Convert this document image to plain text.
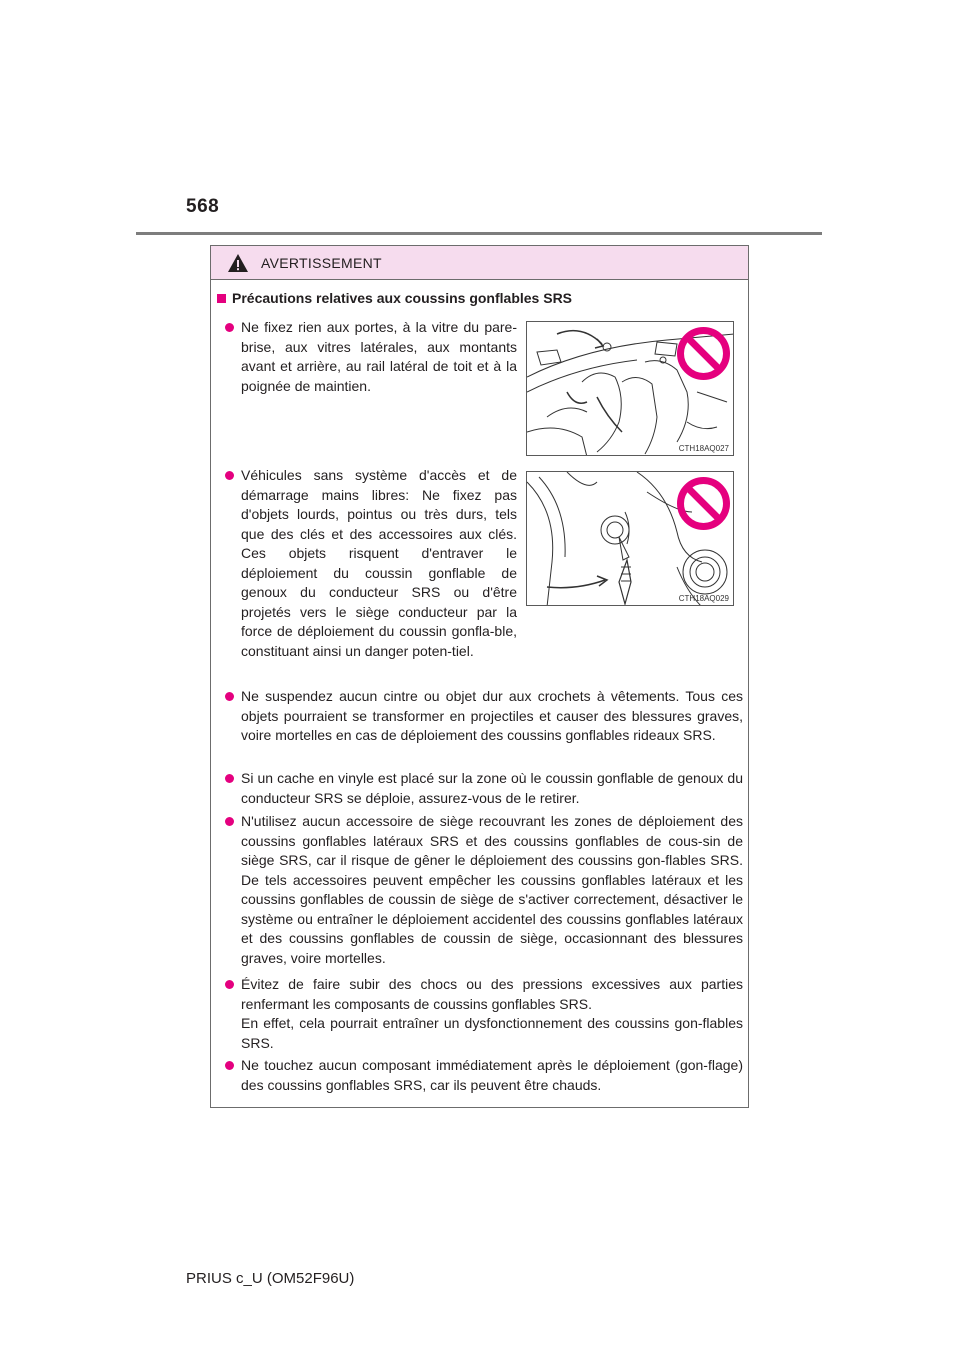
568
AVERTISSEMENT
Précautions relatives aux coussins gonflables SRS

Ne fixez rien aux portes, à la vitre du pare-brise, aux vitres latérales, aux montants avant et arrière, au rail latéral de toit et à la poignée de maintien.

CTH18AQ027

Véhicules sans système d'accès et de démarrage mains libres: Ne fixez pas d'objets lourds, pointus ou très durs, tels que des clés et des accessoires aux clés. Ces objets risquent d'entraver le déploiement du coussin gonflable de genoux du conducteur SRS ou d'être projetés vers le siège conducteur par la force de déploiement du coussin gonfla-ble, constituant ainsi un danger poten-tiel.

CTH18AQ029

Ne suspendez aucun cintre ou objet dur aux crochets à vêtements. Tous ces objets pourraient se transformer en projectiles et causer des blessures graves, voire mortelles en cas de déploiement des coussins gonflables rideaux SRS.

Si un cache en vinyle est placé sur la zone où le coussin gonflable de genoux du conducteur SRS se déploie, assurez-vous de le retirer.

N'utilisez aucun accessoire de siège recouvrant les zones de déploiement des coussins gonflables latéraux SRS et des coussins gonflables de cous-sin de siège SRS, car il risque de gêner le déploiement des coussins gon-flables SRS. De tels accessoires peuvent empêcher les coussins gonflables latéraux et les coussins gonflables de coussin de siège de s'activer correctement, désactiver le système ou entraîner le déploiement accidentel des coussins gonflables latéraux et des coussins gonflables de coussin de siège, occasionnant des blessures graves, voire mortelles.

Évitez de faire subir des chocs ou des pressions excessives aux parties renfermant les composants de coussins gonflables SRS.

En effet, cela pourrait entraîner un dysfonctionnement des coussins gon-flables SRS.

Ne touchez aucun composant immédiatement après le déploiement (gon-flage) des coussins gonflables SRS, car ils peuvent être chauds.

PRIUS c_U (OM52F96U)
